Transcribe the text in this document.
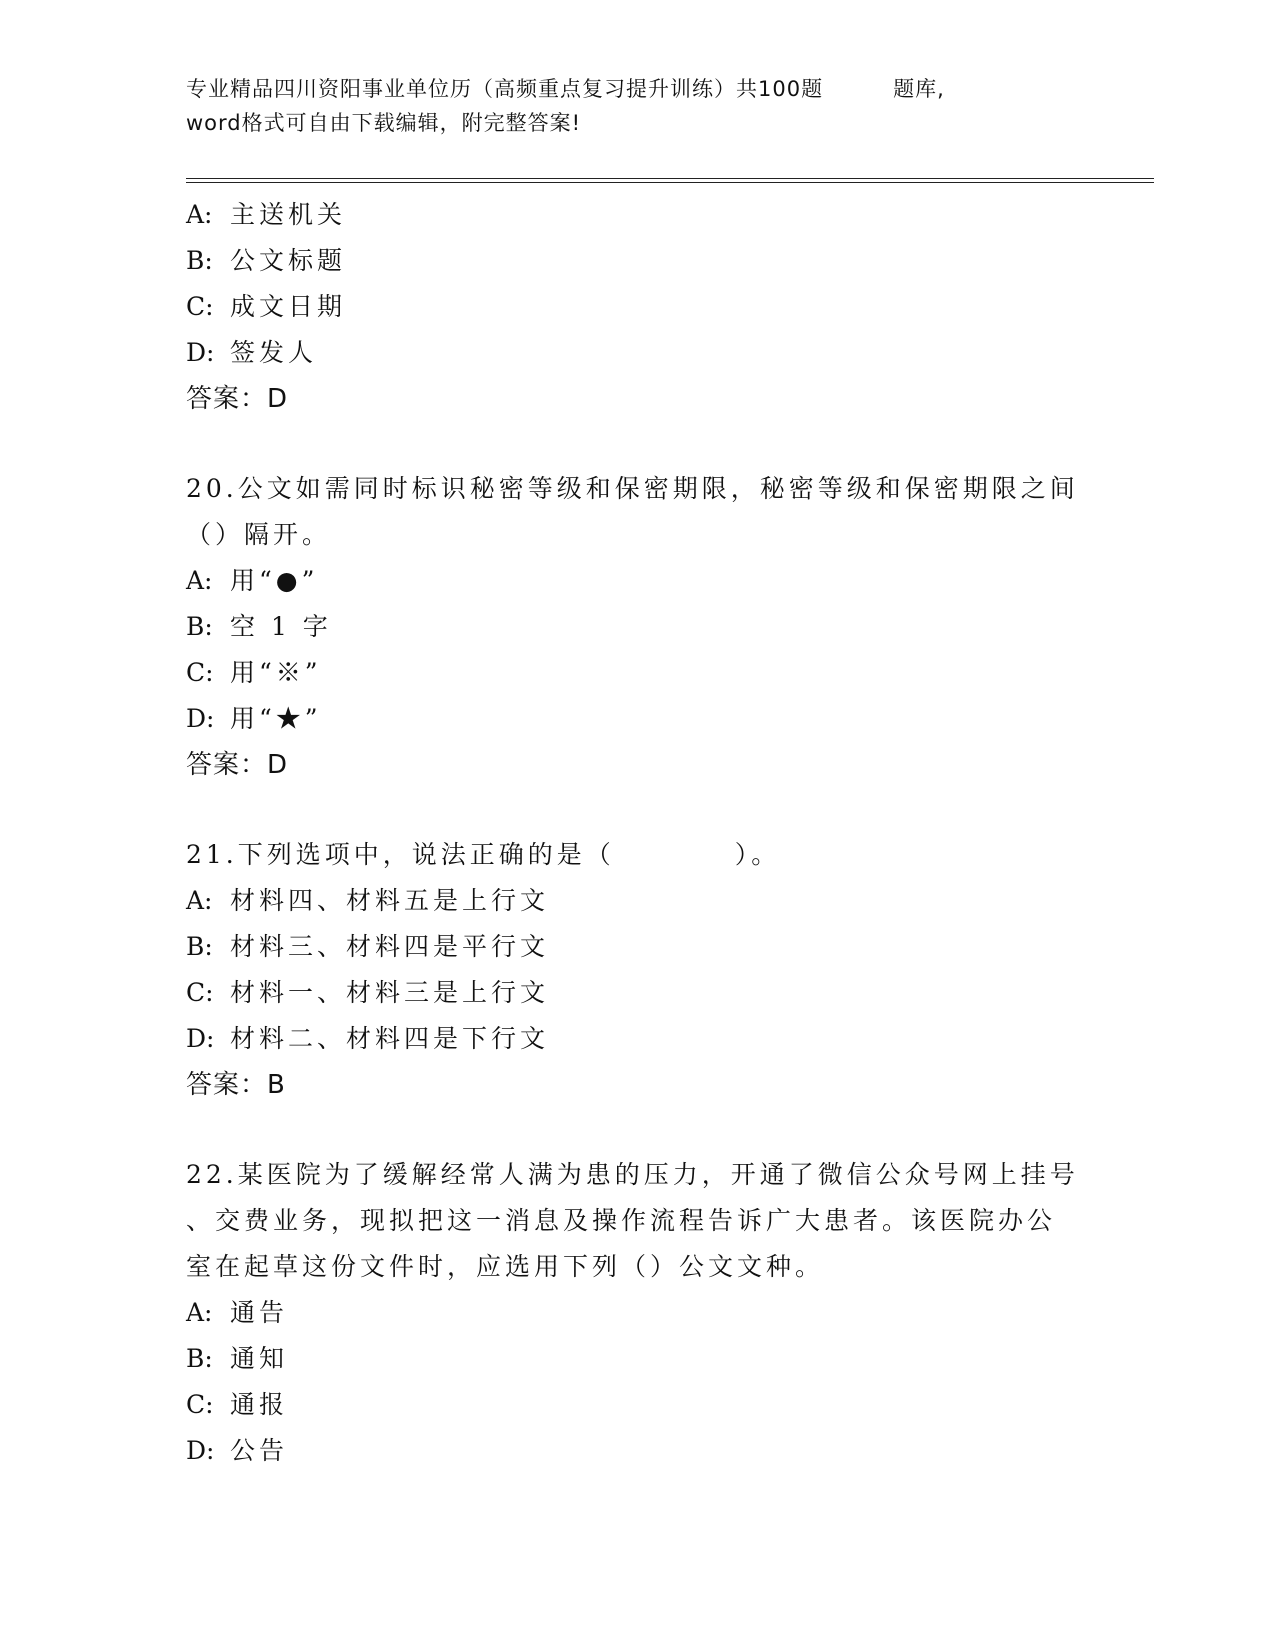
专业精品四川资阳事业单位历（高频重点复习提升训练）共100题	题库,
word格式可自由下载编辑，附完整答案!
A: 主送机关
B: 公文标题
C: 成文日期
D: 签发人
答案：D
20.公文如需同时标识秘密等级和保密期限，秘密等级和保密期限之间
（）隔开。
A: 用“●”
B: 空 1 字
C: 用“※”
D: 用“★”
答案：D
21.下列选项中，说法正确的是（	）。
A: 材料四、材料五是上行文
B: 材料三、材料四是平行文
C: 材料一、材料三是上行文
D: 材料二、材料四是下行文
答案：B
22.某医院为了缓解经常人满为患的压力，开通了微信公众号网上挂号
、交费业务，现拟把这一消息及操作流程告诉广大患者。该医院办公
室在起草这份文件时，应选用下列（）公文文种。
A: 通告
B: 通知
C: 通报
D: 公告
